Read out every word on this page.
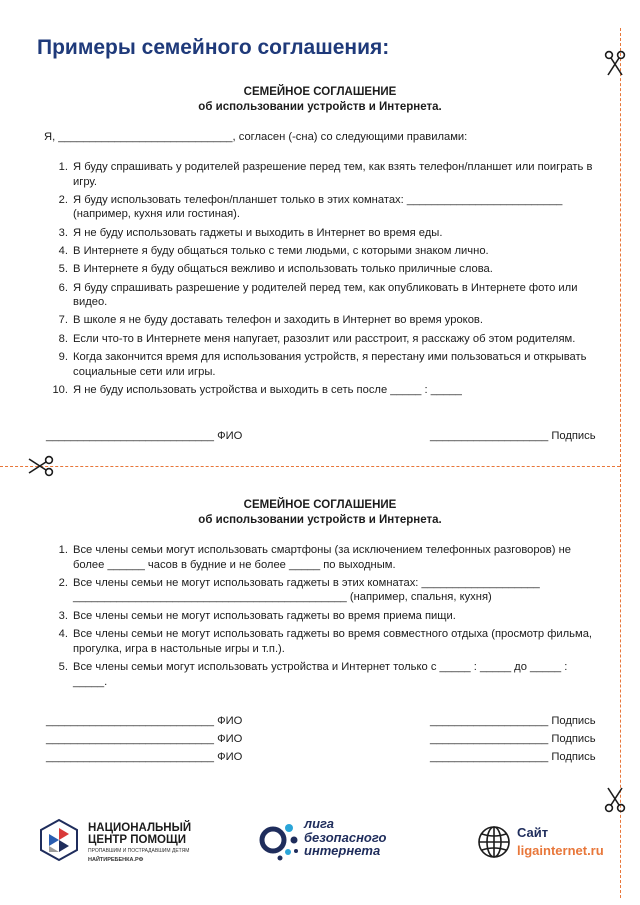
Примеры семейного соглашения:
СЕМЕЙНОЕ СОГЛАШЕНИЕ
об использовании устройств и Интернета.
Я, ____________________________, согласен (-сна) со следующими правилами:
1. Я буду спрашивать у родителей разрешение перед тем, как взять телефон/планшет или поиграть в игру.
2. Я буду использовать телефон/планшет только в этих комнатах: _________________________ (например, кухня или гостиная).
3. Я не буду использовать гаджеты и выходить в Интернет во время еды.
4. В Интернете я буду общаться только с теми людьми, с которыми знаком лично.
5. В Интернете я буду общаться вежливо и использовать только приличные слова.
6. Я буду спрашивать разрешение у родителей перед тем, как опубликовать в Интернете фото или видео.
7. В школе я не буду доставать телефон и заходить в Интернет во время уроков.
8. Если что-то в Интернете меня напугает, разозлит или расстроит, я расскажу об этом родителям.
9. Когда закончится время для использования устройств, я перестану ими пользоваться и открывать социальные сети или игры.
10. Я не буду использовать устройства и выходить в сеть после _____ : _____
___________________________ ФИО	___________________ Подпись
СЕМЕЙНОЕ СОГЛАШЕНИЕ
об использовании устройств и Интернета.
1. Все члены семьи могут использовать смартфоны (за исключением телефонных разговоров) не более ______ часов в будние и не более _____ по выходным.
2. Все члены семьи не могут использовать гаджеты в этих комнатах: ___________________ ____________________________________________ (например, спальня, кухня)
3. Все члены семьи не могут использовать гаджеты во время приема пищи.
4. Все члены семьи не могут использовать гаджеты во время совместного отдыха (просмотр фильма, прогулка, игра в настольные игры и т.п.).
5. Все члены семьи могут использовать устройства и Интернет только с _____ : _____ до _____ : _____.
___________________________ ФИО
___________________________ ФИО
___________________________ ФИО
___________________ Подпись
___________________ Подпись
___________________ Подпись
НАЦИОНАЛЬНЫЙ
ЦЕНТР ПОМОЩИ
ПРОПАВШИМ И ПОСТРАДАВШИМ ДЕТЯМ
НАЙТИРЕБЕНКА.РФ
лига
безопасного
интернета
Сайт
ligainternet.ru
